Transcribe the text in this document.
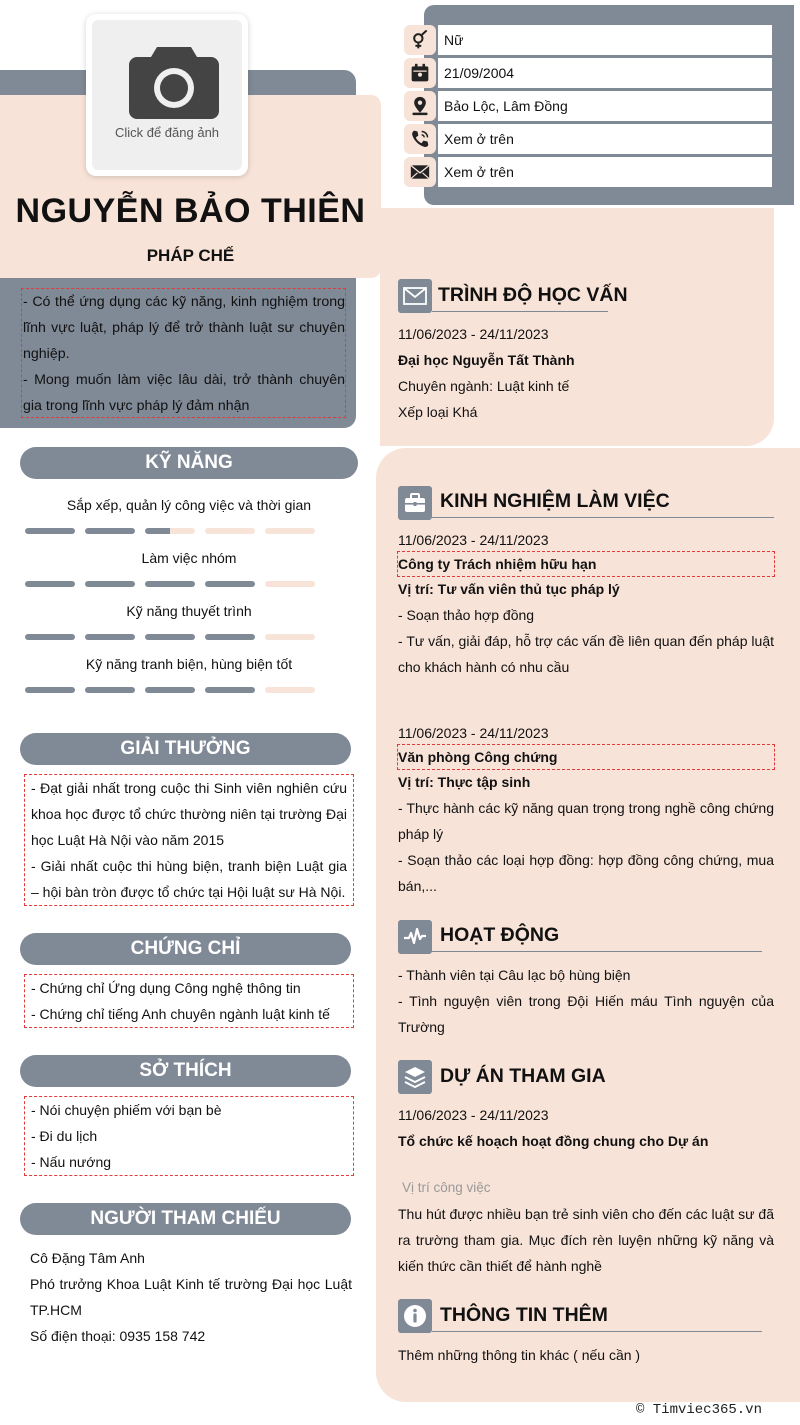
Click để đăng ảnh
NGUYỄN BẢO THIÊN
PHÁP CHẾ
- Có thể ứng dụng các kỹ năng, kinh nghiệm trong lĩnh vực luật, pháp lý để trở thành luật sư chuyên nghiệp.
- Mong muốn làm việc lâu dài, trở thành chuyên gia trong lĩnh vực pháp lý đảm nhận
Nữ
21/09/2004
Bảo Lộc, Lâm Đồng
Xem ở trên
Xem ở trên
KỸ NĂNG
Sắp xếp, quản lý công việc và thời gian
Làm việc nhóm
Kỹ năng thuyết trình
Kỹ năng tranh biện, hùng biện tốt
GIẢI THƯỞNG
- Đạt giải nhất trong cuộc thi Sinh viên nghiên cứu khoa học được tổ chức thường niên tại trường Đại học Luật Hà Nội vào năm 2015
- Giải nhất cuộc thi hùng biện, tranh biện Luật gia – hội bàn tròn được tổ chức tại Hội luật sư Hà Nội.
CHỨNG CHỈ
- Chứng chỉ Ứng dụng Công nghệ thông tin
- Chứng chỉ tiếng Anh chuyên ngành luật kinh tế
SỞ THÍCH
- Nói chuyện phiếm với bạn bè
- Đi du lịch
- Nấu nướng
NGƯỜI THAM CHIẾU
Cô Đặng Tâm Anh
Phó trưởng Khoa Luật Kinh tế trường Đại học Luật TP.HCM
Số điện thoại: 0935 158 742
TRÌNH ĐỘ HỌC VẤN
11/06/2023 - 24/11/2023
Đại học Nguyễn Tất Thành
Chuyên ngành: Luật kinh tế
Xếp loại Khá
KINH NGHIỆM LÀM VIỆC
11/06/2023 - 24/11/2023
Công ty Trách nhiệm hữu hạn
Vị trí: Tư vấn viên thủ tục pháp lý
- Soạn thảo hợp đồng
- Tư vấn, giải đáp, hỗ trợ các vấn đề liên quan đến pháp luật cho khách hành có nhu cầu
11/06/2023 - 24/11/2023
Văn phòng Công chứng
Vị trí: Thực tập sinh
- Thực hành các kỹ năng quan trọng trong nghề công chứng pháp lý
- Soạn thảo các loại hợp đồng: hợp đồng công chứng, mua bán,...
HOẠT ĐỘNG
- Thành viên tại Câu lạc bộ hùng biện
- Tình nguyện viên trong Đội Hiến máu Tình nguyện của Trường
DỰ ÁN THAM GIA
11/06/2023 - 24/11/2023
Tổ chức kế hoạch hoạt đồng chung cho Dự án
Vị trí công việc
Thu hút được nhiều bạn trẻ sinh viên cho đến các luật sư đã ra trường tham gia. Mục đích rèn luyện những kỹ năng và kiến thức cần thiết để hành nghề
THÔNG TIN THÊM
Thêm những thông tin khác ( nếu cần )
© Timviec365.vn
